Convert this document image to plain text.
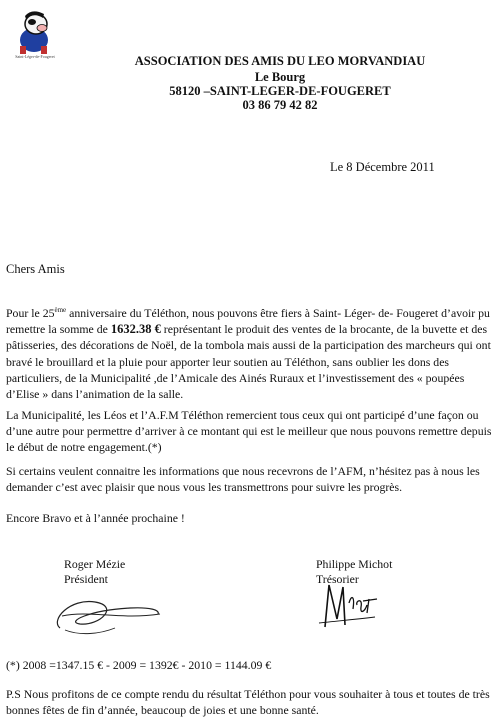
Saint-Léger-de-Fougeret	ASSOCIATION DES AMIS DU LEO MORVANDIAU
Le Bourg
58120 –SAINT-LEGER-DE-FOUGERET
03 86 79 42 82
Le 8 Décembre 2011
Chers Amis
Pour le 25ème anniversaire du Téléthon, nous pouvons être fiers à Saint- Léger- de- Fougeret d’avoir pu remettre la somme de 1632.38 € représentant le produit des ventes de la brocante, de la buvette et des pâtisseries, des décorations de Noël, de la tombola mais aussi de la participation des marcheurs qui ont bravé le brouillard et la pluie pour apporter leur soutien au Téléthon, sans oublier les dons des particuliers, de la Municipalité ,de l’Amicale des Ainés Ruraux et l’investissement des « poupées d’Elise » dans l’animation de la salle.
La Municipalité, les Léos et l’A.F.M Téléthon remercient tous ceux qui ont participé d’une façon ou d’une autre pour permettre d’arriver à ce montant qui est le meilleur que nous pouvons remettre depuis le début de notre engagement.(*)
Si certains veulent connaitre les informations que nous recevrons de l’AFM, n’hésitez pas à nous les demander c’est avec plaisir que nous vous les transmettrons pour suivre les progrès.
Encore Bravo et à l’année prochaine !
Roger Mézie
Président
Philippe Michot
Trésorier
(*) 2008 =1347.15 € - 2009 = 1392€ - 2010 = 1144.09 €
P.S Nous profitons de ce compte rendu du résultat Téléthon pour vous souhaiter à tous et toutes de très bonnes fêtes de fin d’année, beaucoup de joies et une bonne santé.
